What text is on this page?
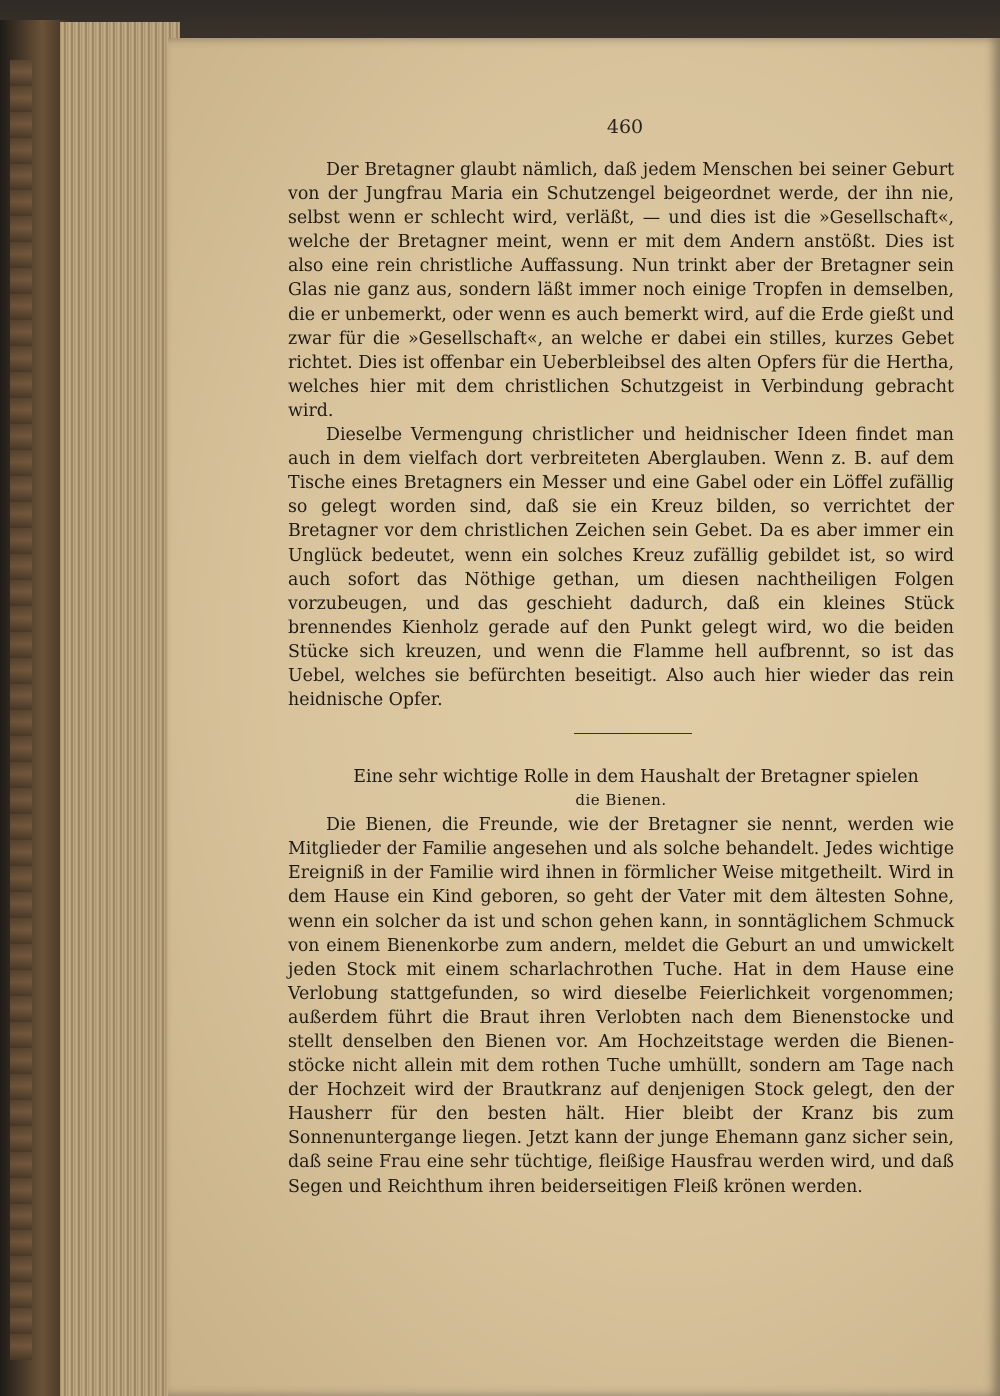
460

Der Bretagner glaubt nämlich, daß jedem Menschen bei seiner Geburt von der Jungfrau Maria ein Schutzengel beigeordnet werde, der ihn nie, selbst wenn er schlecht wird, verläßt, — und dies ist die »Gesellschaft«, welche der Bretagner meint, wenn er mit dem Andern anstößt. Dies ist also eine rein christliche Auffassung. Nun trinkt aber der Bretagner sein Glas nie ganz aus, sondern läßt immer noch einige Tropfen in demselben, die er unbemerkt, oder wenn es auch bemerkt wird, auf die Erde gießt und zwar für die »Gesellschaft«, an welche er dabei ein stilles, kurzes Gebet richtet. Dies ist offenbar ein Ueberbleibsel des alten Opfers für die Hertha, welches hier mit dem christlichen Schutzgeist in Verbindung gebracht wird.

Dieselbe Vermengung christlicher und heidnischer Ideen findet man auch in dem vielfach dort verbreiteten Aberglauben. Wenn z. B. auf dem Tische eines Bretagners ein Messer und eine Gabel oder ein Löffel zufällig so gelegt worden sind, daß sie ein Kreuz bilden, so verrichtet der Bretagner vor dem christlichen Zeichen sein Gebet. Da es aber immer ein Unglück bedeutet, wenn ein solches Kreuz zufällig gebildet ist, so wird auch sofort das Nöthige gethan, um diesen nachtheiligen Folgen vorzubeugen, und das geschieht dadurch, daß ein kleines Stück brennendes Kienholz gerade auf den Punkt gelegt wird, wo die beiden Stücke sich kreuzen, und wenn die Flamme hell aufbrennt, so ist das Uebel, welches sie befürchten beseitigt. Also auch hier wieder das rein heidnische Opfer.

Eine sehr wichtige Rolle in dem Haushalt der Bretagner spielen
die Bienen.

Die Bienen, die Freunde, wie der Bretagner sie nennt, werden wie Mitglieder der Familie angesehen und als solche behandelt. Jedes wichtige Ereigniß in der Familie wird ihnen in förmlicher Weise mitgetheilt. Wird in dem Hause ein Kind geboren, so geht der Vater mit dem ältesten Sohne, wenn ein solcher da ist und schon gehen kann, in sonntäglichem Schmuck von einem Bienenkorbe zum andern, meldet die Geburt an und umwickelt jeden Stock mit einem scharlachrothen Tuche. Hat in dem Hause eine Verlobung stattgefunden, so wird dieselbe Feierlichkeit vorgenommen; außerdem führt die Braut ihren Verlobten nach dem Bienenstocke und stellt denselben den Bienen vor. Am Hochzeitstage werden die Bienenstöcke nicht allein mit dem rothen Tuche umhüllt, sondern am Tage nach der Hochzeit wird der Brautkranz auf denjenigen Stock gelegt, den der Hausherr für den besten hält. Hier bleibt der Kranz bis zum Sonnenuntergange liegen. Jetzt kann der junge Ehemann ganz sicher sein, daß seine Frau eine sehr tüchtige, fleißige Hausfrau werden wird, und daß Segen und Reichthum ihren beiderseitigen Fleiß krönen werden.
